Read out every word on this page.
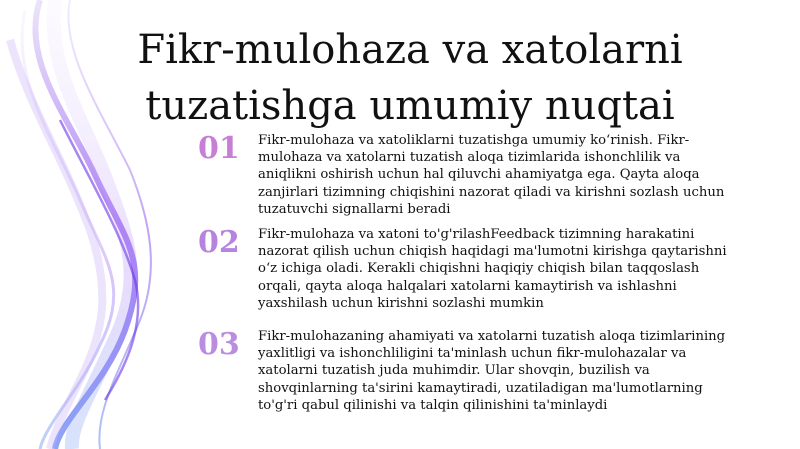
Fikr-mulohaza va xatolarni tuzatishga umumiy nuqtai
01	Fikr-mulohaza va xatoliklarni tuzatishga umumiy koʻrinish. Fikr-mulohaza va xatolarni tuzatish aloqa tizimlarida ishonchlilik va aniqlikni oshirish uchun hal qiluvchi ahamiyatga ega. Qayta aloqa zanjirlari tizimning chiqishini nazorat qiladi va kirishni sozlash uchun tuzatuvchi signallarni beradi
02	Fikr-mulohaza va xatoni to'g'rilashFeedback tizimning harakatini nazorat qilish uchun chiqish haqidagi ma'lumotni kirishga qaytarishni oʻz ichiga oladi. Kerakli chiqishni haqiqiy chiqish bilan taqqoslash orqali, qayta aloqa halqalari xatolarni kamaytirish va ishlashni yaxshilash uchun kirishni sozlashi mumkin
03	Fikr-mulohazaning ahamiyati va xatolarni tuzatish aloqa tizimlarining yaxlitligi va ishonchliligini ta'minlash uchun fikr-mulohazalar va xatolarni tuzatish juda muhimdir. Ular shovqin, buzilish va shovqinlarning ta'sirini kamaytiradi, uzatiladigan ma'lumotlarning to'g'ri qabul qilinishi va talqin qilinishini ta'minlaydi
